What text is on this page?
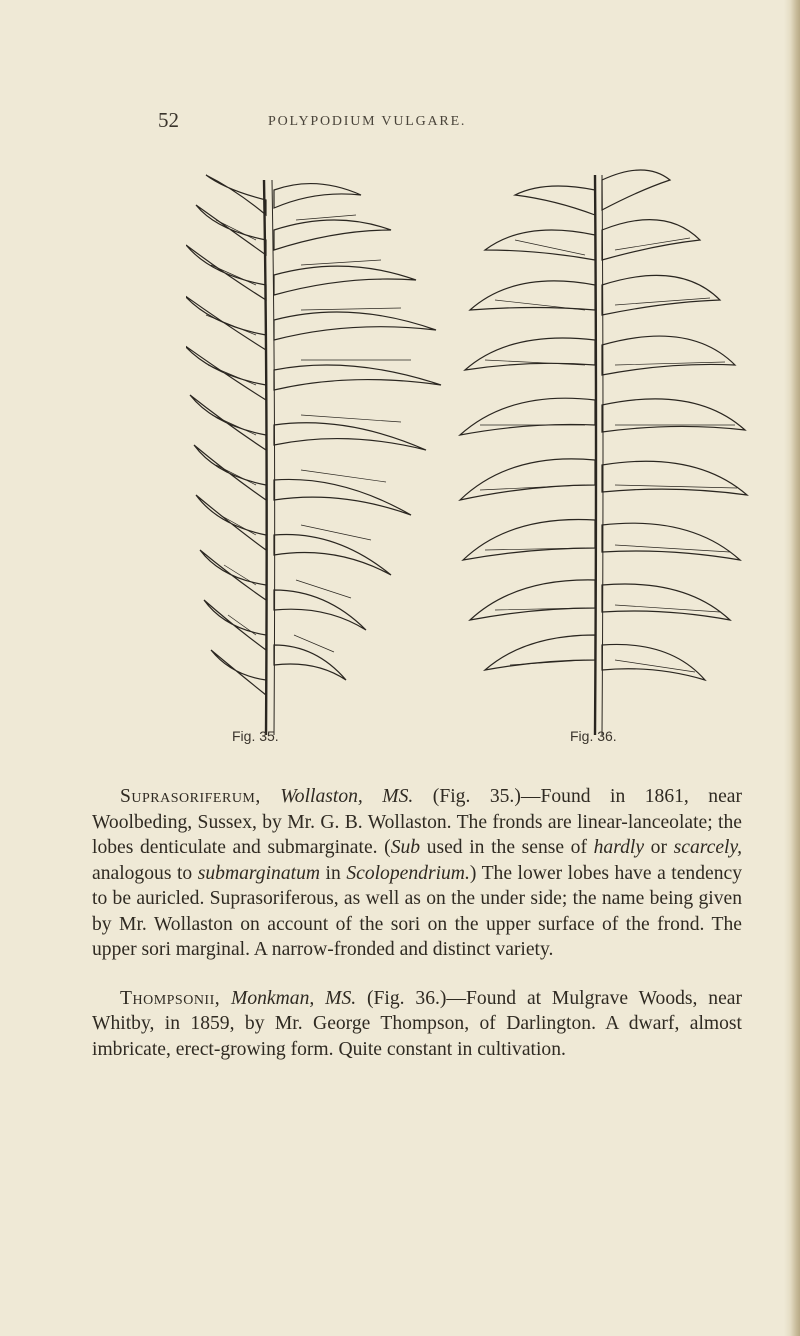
52	POLYPODIUM VULGARE.
Fig. 35.	Fig. 36.

Suprasoriferum, Wollaston, MS. (Fig. 35.)—Found in 1861, near Woolbeding, Sussex, by Mr. G. B. Wollaston. The fronds are linear-lanceolate; the lobes denticulate and submarginate. (Sub used in the sense of hardly or scarcely, analogous to submarginatum in Scolopendrium.) The lower lobes have a tendency to be auricled. Suprasoriferous, as well as on the under side; the name being given by Mr. Wollaston on account of the sori on the upper surface of the frond. The upper sori marginal. A narrow-fronded and distinct variety.

Thompsonii, Monkman, MS. (Fig. 36.)—Found at Mulgrave Woods, near Whitby, in 1859, by Mr. George Thompson, of Darlington. A dwarf, almost imbricate, erect-growing form. Quite constant in cultivation.
